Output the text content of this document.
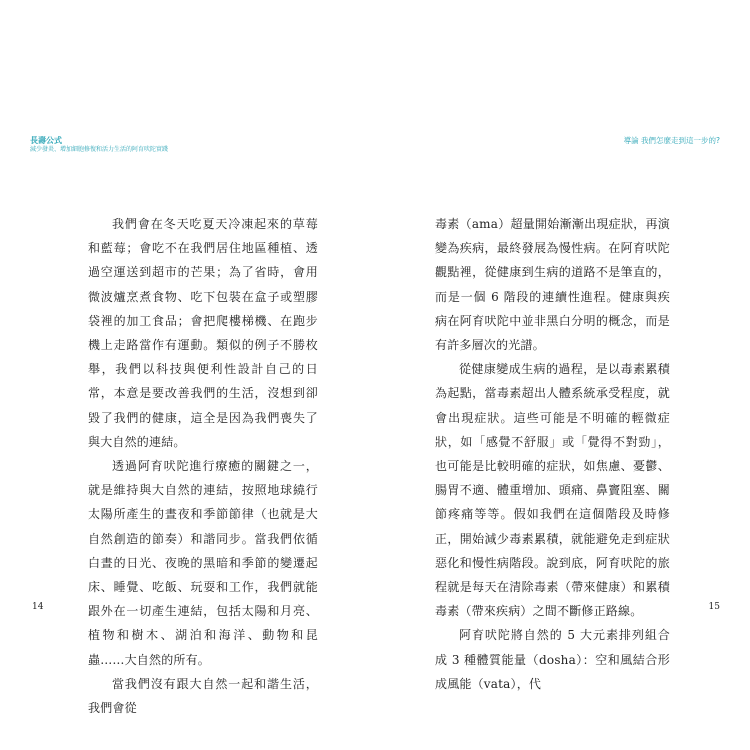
長壽公式
減少發炎、增加細胞修復和活力生活的阿育吠陀實踐

我們會在冬天吃夏天冷凍起來的草莓和藍莓；會吃不在我們居住地區種植、透過空運送到超市的芒果；為了省時，會用微波爐烹煮食物、吃下包裝在盒子或塑膠袋裡的加工食品；會把爬樓梯機、在跑步機上走路當作有運動。類似的例子不勝枚舉，我們以科技與便利性設計自己的日常，本意是要改善我們的生活，沒想到卻毀了我們的健康，這全是因為我們喪失了與大自然的連結。

透過阿育吠陀進行療癒的關鍵之一，就是維持與大自然的連結，按照地球繞行太陽所產生的晝夜和季節節律（也就是大自然創造的節奏）和諧同步。當我們依循白晝的日光、夜晚的黑暗和季節的變遷起床、睡覺、吃飯、玩耍和工作，我們就能跟外在一切產生連結，包括太陽和月亮、植物和樹木、湖泊和海洋、動物和昆蟲……大自然的所有。

當我們沒有跟大自然一起和諧生活，我們會從

14
導論 我們怎麼走到這一步的?

毒素（ama）超量開始漸漸出現症狀，再演變為疾病，最終發展為慢性病。在阿育吠陀觀點裡，從健康到生病的道路不是筆直的，而是一個 6 階段的連續性進程。健康與疾病在阿育吠陀中並非黑白分明的概念，而是有許多層次的光譜。

從健康變成生病的過程，是以毒素累積為起點，當毒素超出人體系統承受程度，就會出現症狀。這些可能是不明確的輕微症狀，如「感覺不舒服」或「覺得不對勁」，也可能是比較明確的症狀，如焦慮、憂鬱、腸胃不適、體重增加、頭痛、鼻竇阻塞、關節疼痛等等。假如我們在這個階段及時修正，開始減少毒素累積，就能避免走到症狀惡化和慢性病階段。說到底，阿育吠陀的旅程就是每天在清除毒素（帶來健康）和累積毒素（帶來疾病）之間不斷修正路線。

阿育吠陀將自然的 5 大元素排列組合成 3 種體質能量（dosha）：空和風結合形成風能（vata），代

15
